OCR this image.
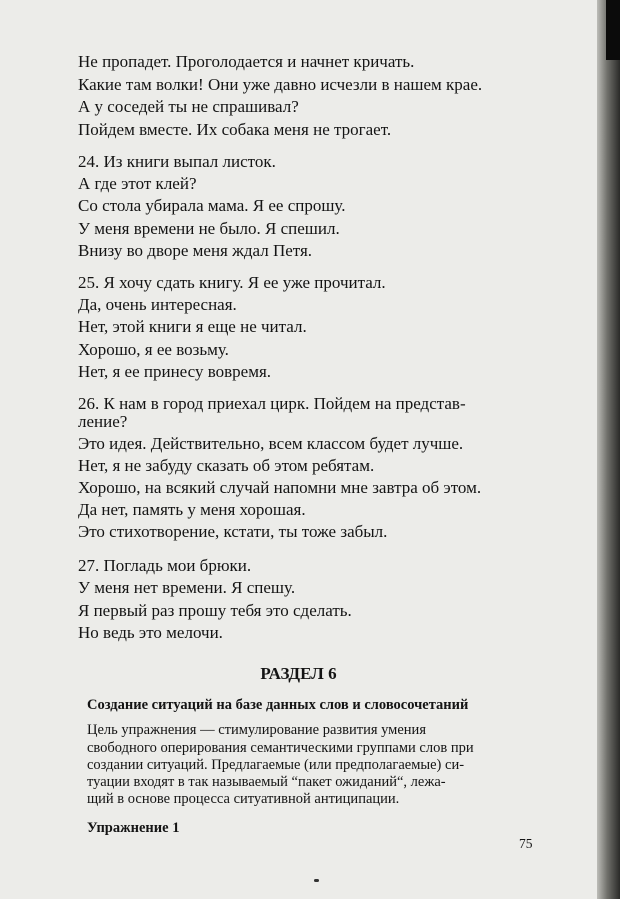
Не пропадет. Проголодается и начнет кричать.
Какие там волки! Они уже давно исчезли в нашем крае.
А у соседей ты не спрашивал?
Пойдем вместе. Их собака меня не трогает.
24. Из книги выпал листок.
А где этот клей?
Со стола убирала мама. Я ее спрошу.
У меня времени не было. Я спешил.
Внизу во дворе меня ждал Петя.
25. Я хочу сдать книгу. Я ее уже прочитал.
Да, очень интересная.
Нет, этой книги я еще не читал.
Хорошо, я ее возьму.
Нет, я ее принесу вовремя.
26. К нам в город приехал цирк. Пойдем на представ-
ление?
Это идея. Действительно, всем классом будет лучше.
Нет, я не забуду сказать об этом ребятам.
Хорошо, на всякий случай напомни мне завтра об этом.
Да нет, память у меня хорошая.
Это стихотворение, кстати, ты тоже забыл.
27. Погладь мои брюки.
У меня нет времени. Я спешу.
Я первый раз прошу тебя это сделать.
Но ведь это мелочи.
РАЗДЕЛ 6
Создание ситуаций на базе данных слов и словосочетаний
Цель упражнения — стимулирование развития умения
свободного оперирования семантическими группами слов при
создании ситуаций. Предлагаемые (или предполагаемые) си-
туации входят в так называемый “пакет ожиданий“, лежа-
щий в основе процесса ситуативной антиципации.
Упражнение 1
75
